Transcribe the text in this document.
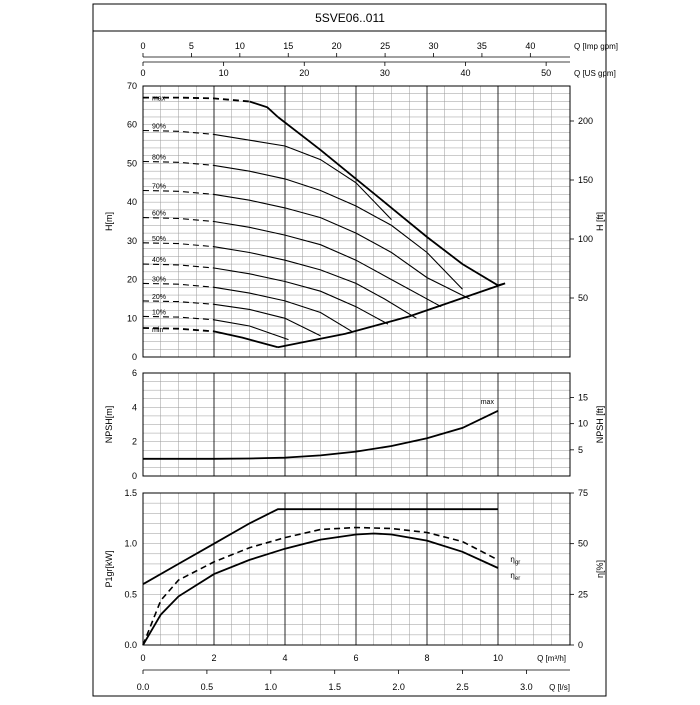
5SVE06..011
0
10
20
30
40
50
60
70
50
100
150
200
H[m]	H [ft]
max
90%
80%
70%
60%
50%
40%
30%
20%
10%
min
0
2
4
6
5
10
15
NPSH[m]	NPSH [ft]
max
0.0
0.5
1.0
1.5
0
25
50
75
P1gr[kW]	η[%]
$\eta_{gr}$
$\eta_{er}$
0	5	10	15	20	25	30	35	40	Q [Imp gpm]
0	10	20	30	40	50	Q [US gpm]
0	2	4	6	8	10	Q [m³/h]
0.0	0.5	1.0	1.5	2.0	2.5	3.0 Q [l/s]
